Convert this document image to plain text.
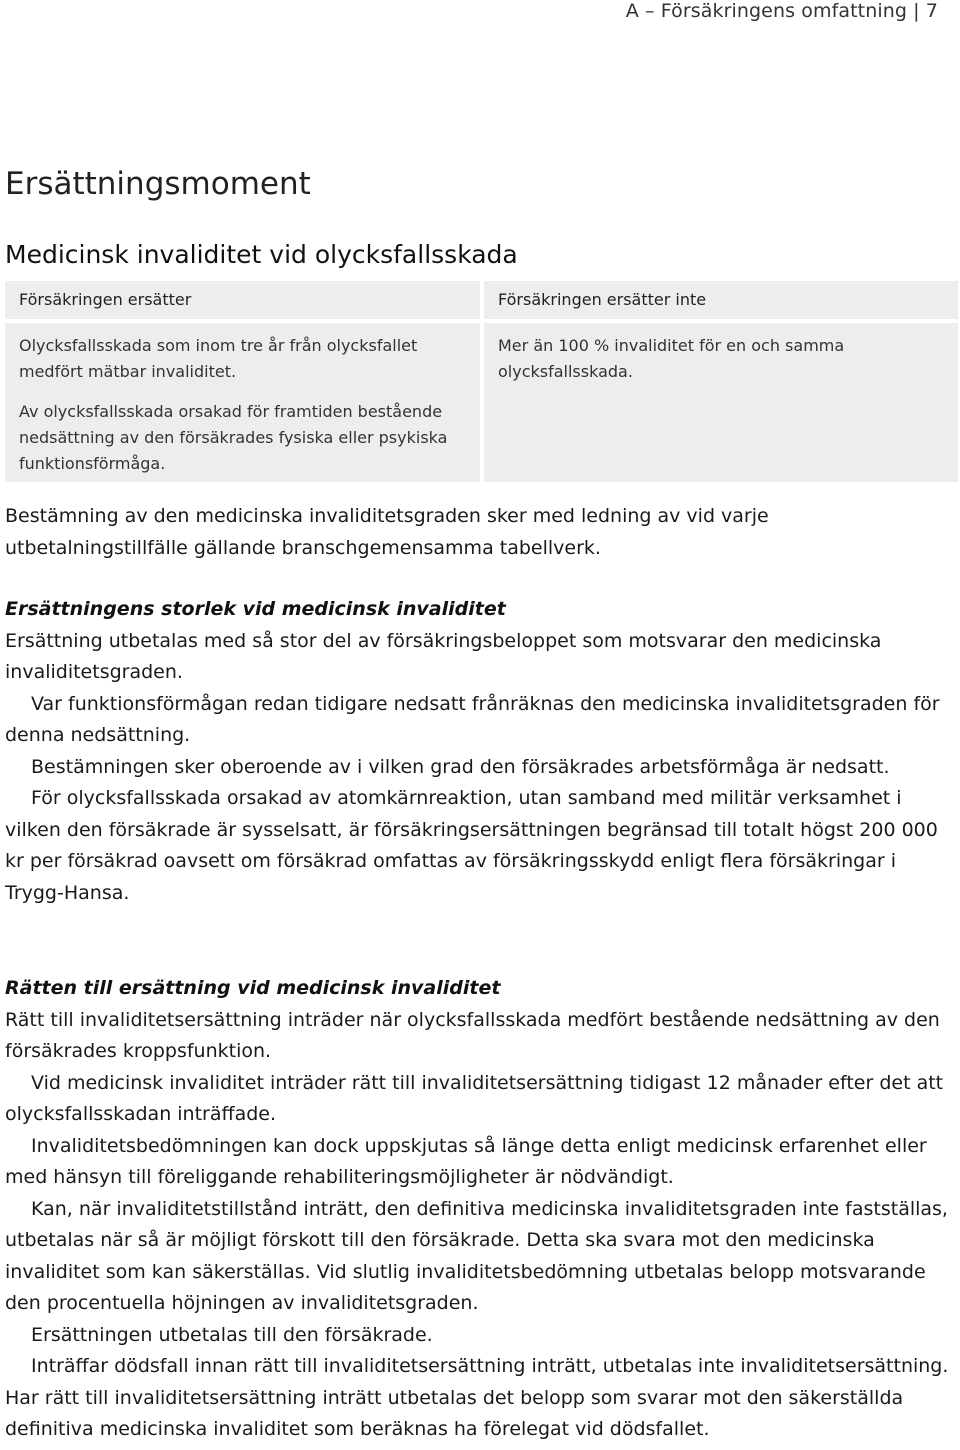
A – Försäkringens omfattning | 7
Ersättningsmoment
Medicinsk invaliditet vid olycksfallsskada
Försäkringen ersätter

Olycksfallsskada som inom tre år från olycksfallet medfört mätbar invaliditet.

Av olycksfallsskada orsakad för framtiden bestående nedsättning av den försäkrades fysiska eller psykiska funktionsförmåga.

Försäkringen ersätter inte

Mer än 100 % invaliditet för en och samma olycksfallsskada.

Bestämning av den medicinska invaliditetsgraden sker med ledning av vid varje utbetalningstillfälle gällande branschgemensamma tabellverk.

Ersättningens storlek vid medicinsk invaliditet

Ersättning utbetalas med så stor del av försäkringsbeloppet som motsvarar den medicinska invaliditetsgraden.

Var funktionsförmågan redan tidigare nedsatt frånräknas den medicinska invaliditetsgraden för denna nedsättning.

Bestämningen sker oberoende av i vilken grad den försäkrades arbetsförmåga är nedsatt.

För olycksfallsskada orsakad av atomkärnreaktion, utan samband med militär verksamhet i vilken den försäkrade är sysselsatt, är försäkringsersättningen begränsad till totalt högst 200 000 kr per försäkrad oavsett om försäkrad omfattas av försäkringsskydd enligt flera försäkringar i Trygg-Hansa.

Rätten till ersättning vid medicinsk invaliditet

Rätt till invaliditetsersättning inträder när olycksfallsskada medfört bestående nedsättning av den försäkrades kroppsfunktion.

Vid medicinsk invaliditet inträder rätt till invaliditetsersättning tidigast 12 månader efter det att olycksfallsskadan inträffade.

Invaliditetsbedömningen kan dock uppskjutas så länge detta enligt medicinsk erfarenhet eller med hänsyn till föreliggande rehabiliteringsmöjligheter är nödvändigt.

Kan, när invaliditetstillstånd inträtt, den definitiva medicinska invaliditetsgraden inte fastställas, utbetalas när så är möjligt förskott till den försäkrade. Detta ska svara mot den medicinska invaliditet som kan säkerställas. Vid slutlig invaliditetsbedömning utbetalas belopp motsvarande den procentuella höjningen av invaliditetsgraden.

Ersättningen utbetalas till den försäkrade.

Inträffar dödsfall innan rätt till invaliditetsersättning inträtt, utbetalas inte invaliditetsersättning. Har rätt till invaliditetsersättning inträtt utbetalas det belopp som svarar mot den säkerställda definitiva medicinska invaliditet som beräknas ha förelegat vid dödsfallet.
